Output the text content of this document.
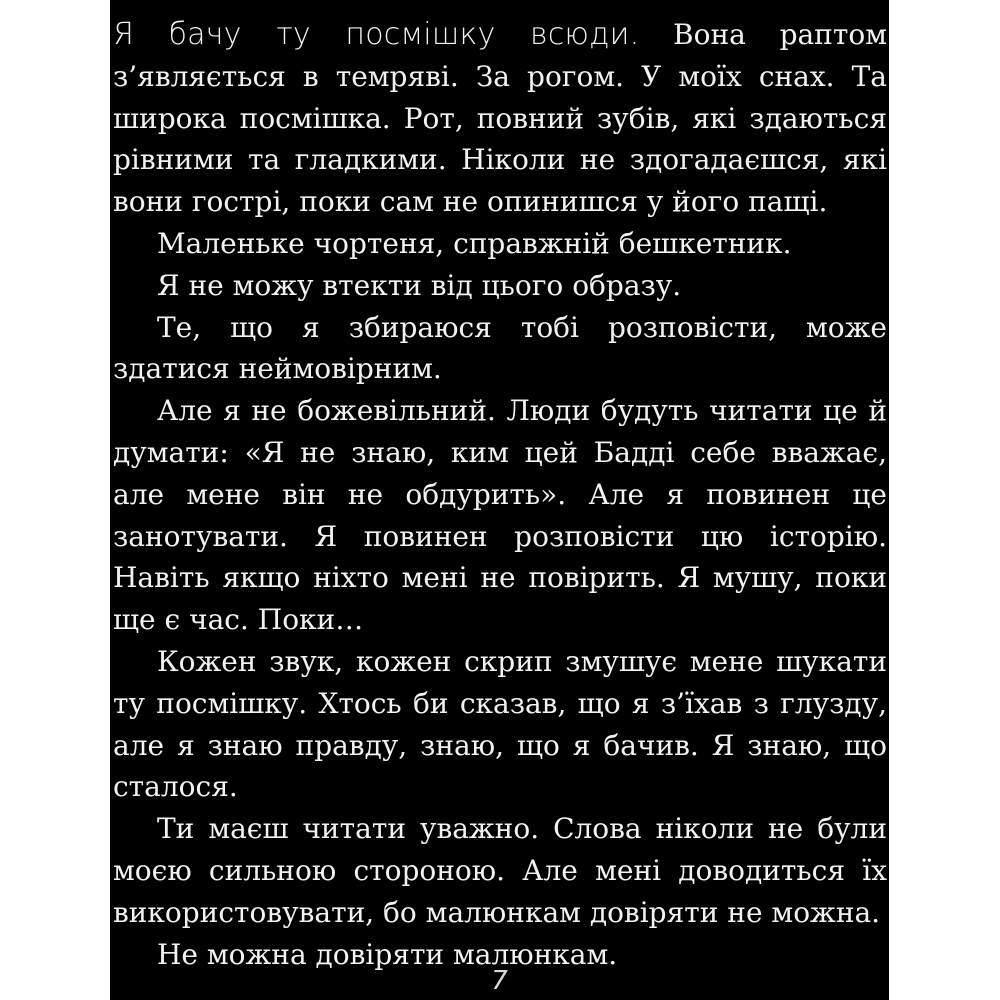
Я бачу ту посмішку всюди. Вона раптом з’являється в темряві. За рогом. У моїх снах. Та широка посмішка. Рот, повний зубів, які здаються рівними та гладкими. Ніколи не здогадаєшся, які вони гострі, поки сам не опинишся у його пащі.

Маленьке чортеня, справжній бешкетник.

Я не можу втекти від цього образу.

Те, що я збираюся тобі розповісти, може здатися неймовірним.

Але я не божевільний. Люди будуть читати це й думати: «Я не знаю, ким цей Бадді себе вважає, але мене він не обдурить». Але я повинен це занотувати. Я повинен розповісти цю історію. Навіть якщо ніхто мені не повірить. Я мушу, поки ще є час. Поки…

Кожен звук, кожен скрип змушує мене шукати ту посмішку. Хтось би сказав, що я з’їхав з глузду, але я знаю правду, знаю, що я бачив. Я знаю, що сталося.

Ти маєш читати уважно. Слова ніколи не були моєю сильною стороною. Але мені доводиться їх використовувати, бо малюнкам довіряти не можна.

Не можна довіряти малюнкам.

7
